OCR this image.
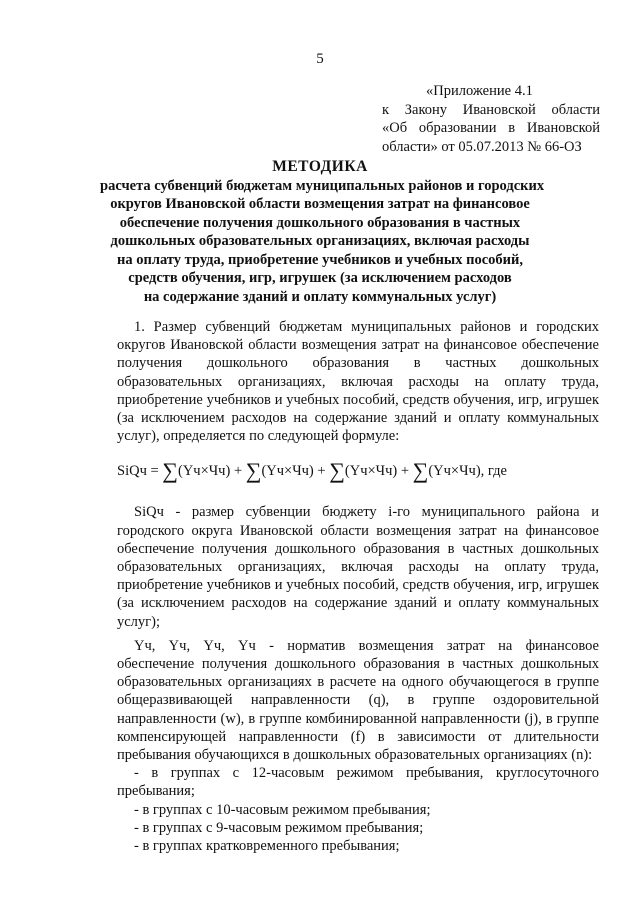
5
«Приложение 4.1
к Закону Ивановской области
«Об образовании в Ивановской
области» от 05.07.2013 № 66-ОЗ
МЕТОДИКА
расчета субвенций бюджетам муниципальных районов и городских
округов Ивановской области возмещения затрат на финансовое
обеспечение получения дошкольного образования в частных
дошкольных образовательных организациях, включая расходы
на оплату труда, приобретение учебников и учебных пособий,
средств обучения, игр, игрушек (за исключением расходов
на содержание зданий и оплату коммунальных услуг)
1. Размер субвенций бюджетам муниципальных районов и городских
округов Ивановской области возмещения затрат на финансовое обеспечение
получения дошкольного образования в частных дошкольных
образовательных организациях, включая расходы на оплату труда,
приобретение учебников и учебных пособий, средств обучения, игр, игрушек
(за исключением расходов на содержание зданий и оплату коммунальных
услуг), определяется по следующей формуле:
SiQч = ∑(Yч×Чч) + ∑(Yч×Чч) + ∑(Yч×Чч) + ∑(Yч×Чч), где
SiQч - размер субвенции бюджету i-го муниципального района и
городского округа Ивановской области возмещения затрат на финансовое
обеспечение получения дошкольного образования в частных дошкольных
образовательных организациях, включая расходы на оплату труда,
приобретение учебников и учебных пособий, средств обучения, игр, игрушек
(за исключением расходов на содержание зданий и оплату коммунальных
услуг);
Yч, Yч, Yч, Yч - норматив возмещения затрат на финансовое
обеспечение получения дошкольного образования в частных дошкольных
образовательных организациях в расчете на одного обучающегося в группе
общеразвивающей направленности (q), в группе оздоровительной
направленности (w), в группе комбинированной направленности (j), в группе
компенсирующей направленности (f) в зависимости от длительности
пребывания обучающихся в дошкольных образовательных организациях (n):
- в группах с 12-часовым режимом пребывания, круглосуточного
пребывания;
- в группах с 10-часовым режимом пребывания;
- в группах с 9-часовым режимом пребывания;
- в группах кратковременного пребывания;
